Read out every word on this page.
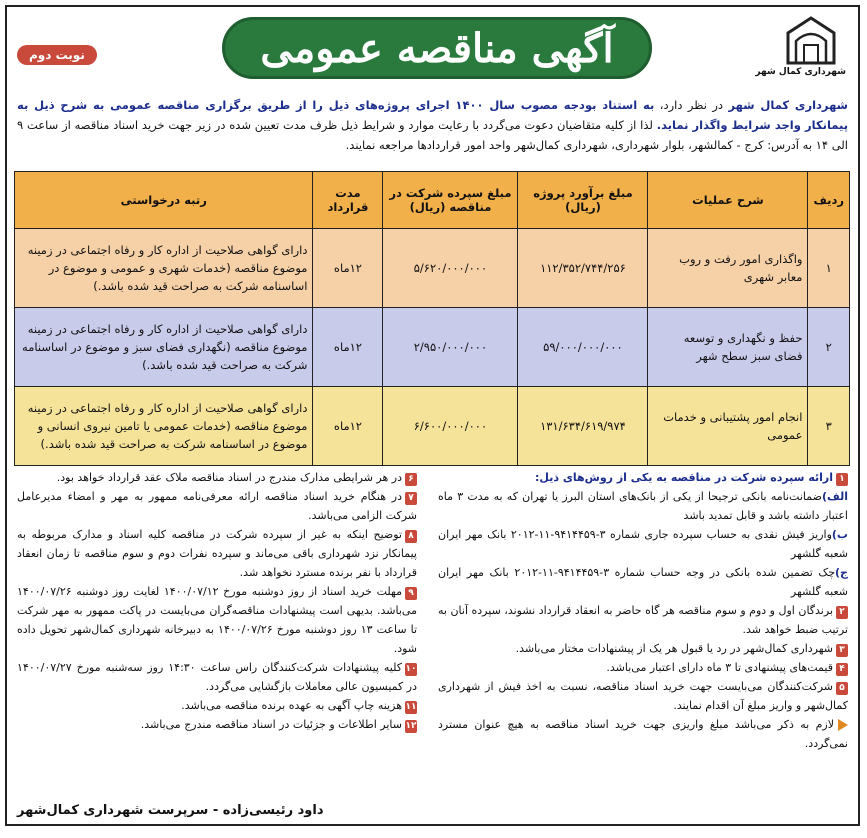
شهرداری کمال شهر
آگهی مناقصه عمومی
نوبت دوم
شهرداری کمال شهر در نظر دارد، به استناد بودجه مصوب سال ۱۴۰۰ اجرای پروژه‌های ذیل را از طریق برگزاری مناقصه عمومی به شرح ذیل به پیمانکار واجد شرایط واگذار نماید. لذا از کلیه متقاضیان دعوت می‌گردد با رعایت موارد و شرایط ذیل ظرف مدت تعیین شده در زیر جهت خرید اسناد مناقصه از ساعت ۹ الی ۱۴ به آدرس: کرج - کمالشهر، بلوار شهرداری، شهرداری کمال‌شهر واحد امور قراردادها مراجعه نمایند.
ردیف	شرح عملیات	مبلغ برآورد پروژه (ریال)	مبلغ سپرده شرکت در مناقصه (ریال)	مدت قرارداد	رتبه درخواستی
۱	واگذاری امور رفت و روب معابر شهری	۱۱۲/۳۵۲/۷۴۴/۲۵۶	۵/۶۲۰/۰۰۰/۰۰۰	۱۲ماه	دارای گواهی صلاحیت از اداره کار و رفاه اجتماعی در زمینه موضوع مناقصه (خدمات شهری و عمومی و موضوع در اساسنامه شرکت به صراحت قید شده باشد.)
۲	حفظ و نگهداری و توسعه فضای سبز سطح شهر	۵۹/۰۰۰/۰۰۰/۰۰۰	۲/۹۵۰/۰۰۰/۰۰۰	۱۲ماه	دارای گواهی صلاحیت از اداره کار و رفاه اجتماعی در زمینه موضوع مناقصه (نگهداری فضای سبز و موضوع در اساسنامه شرکت به صراحت قید شده باشد.)
۳	انجام امور پشتیبانی و خدمات عمومی	۱۳۱/۶۳۴/۶۱۹/۹۷۴	۶/۶۰۰/۰۰۰/۰۰۰	۱۲ماه	دارای گواهی صلاحیت از اداره کار و رفاه اجتماعی در زمینه موضوع مناقصه (خدمات عمومی یا تامین نیروی انسانی و موضوع در اساسنامه شرکت به صراحت قید شده باشد.)

۱ارائه سپرده شرکت در مناقصه به یکی از روش‌های ذیل:

الف)ضمانت‌نامه بانکی ترجیحا از یکی از بانک‌های استان البرز یا تهران که به مدت ۳ ماه اعتبار داشته باشد و قابل تمدید باشد

ب)واریز فیش نقدی به حساب سپرده جاری شماره ۳-۹۴۱۴۴۵۹-۱۱-۲۰۱۲ بانک مهر ایران شعبه گلشهر

ج)چک تضمین شده بانکی در وجه حساب شماره ۳-۹۴۱۴۴۵۹-۱۱-۲۰۱۲ بانک مهر ایران شعبه گلشهر

۲برندگان اول و دوم و سوم مناقصه هر گاه حاضر به انعقاد قرارداد نشوند، سپرده آنان به ترتیب ضبط خواهد شد.

۳شهرداری کمال‌شهر در رد یا قبول هر یک از پیشنهادات مختار می‌باشد.

۴قیمت‌های پیشنهادی تا ۳ ماه دارای اعتبار می‌باشد.

۵شرکت‌کنندگان می‌بایست جهت خرید اسناد مناقصه، نسبت به اخذ فیش از شهرداری کمال‌شهر و واریز مبلغ آن اقدام نمایند.

لازم به ذکر می‌باشد مبلغ واریزی جهت خرید اسناد مناقصه به هیچ عنوان مسترد نمی‌گردد.

۶در هر شرایطی مدارک مندرج در اسناد مناقصه ملاک عقد قرارداد خواهد بود.

۷در هنگام خرید اسناد مناقصه ارائه معرفی‌نامه ممهور به مهر و امضاء مدیرعامل شرکت الزامی می‌باشد.

۸توضیح اینکه به غیر از سپرده شرکت در مناقصه کلیه اسناد و مدارک مربوطه به پیمانکار نزد شهرداری باقی می‌ماند و سپرده نفرات دوم و سوم مناقصه تا زمان انعقاد قرارداد با نفر برنده مسترد نخواهد شد.

۹مهلت خرید اسناد از روز دوشنبه مورخ ۱۴۰۰/۰۷/۱۲ لغایت روز دوشنبه ۱۴۰۰/۰۷/۲۶ می‌باشد. بدیهی است پیشنهادات مناقصه‌گران می‌بایست در پاکت ممهور به مهر شرکت تا ساعت ۱۳ روز دوشنبه مورخ ۱۴۰۰/۰۷/۲۶ به دبیرخانه شهرداری کمال‌شهر تحویل داده شود.

۱۰کلیه پیشنهادات شرکت‌کنندگان راس ساعت ۱۴:۳۰ روز سه‌شنبه مورخ ۱۴۰۰/۰۷/۲۷ در کمیسیون عالی معاملات بازگشایی می‌گردد.

۱۱هزینه چاپ آگهی به عهده برنده مناقصه می‌باشد.

۱۲سایر اطلاعات و جزئیات در اسناد مناقصه مندرج می‌باشد.

داود رئیسی‌زاده - سرپرست شهرداری کمال‌شهر
